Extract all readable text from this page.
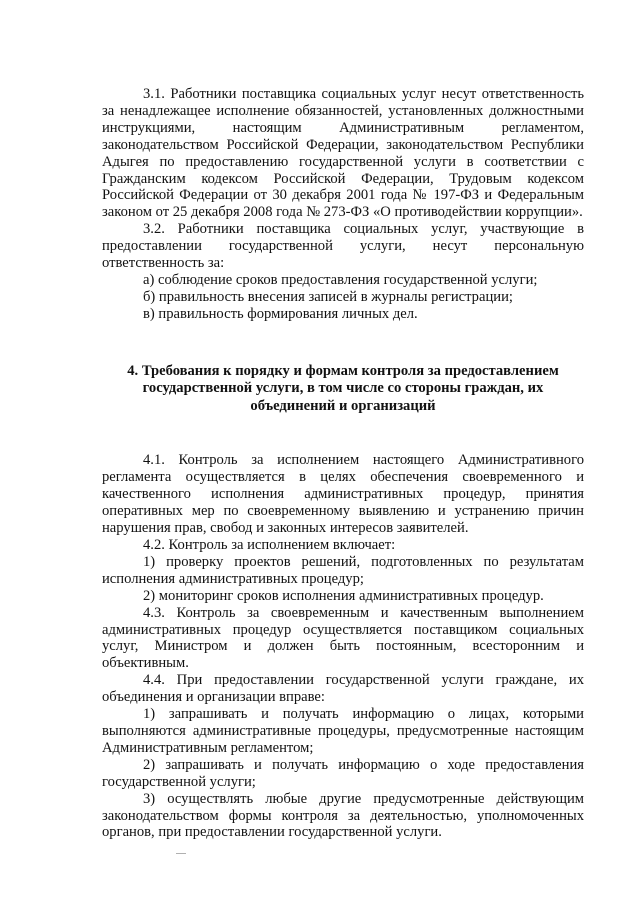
3.1. Работники поставщика социальных услуг несут ответственность за ненадлежащее исполнение обязанностей, установленных должностными инструкциями, настоящим Административным регламентом, законодательством Российской Федерации, законодательством Республики Адыгея по предоставлению государственной услуги в соответствии с Гражданским кодексом Российской Федерации, Трудовым кодексом Российской Федерации от 30 декабря 2001 года № 197-ФЗ и Федеральным законом от 25 декабря 2008 года № 273-ФЗ «О противодействии коррупции».

3.2. Работники поставщика социальных услуг, участвующие в предоставлении государственной услуги, несут персональную ответственность за:

а) соблюдение сроков предоставления государственной услуги;

б) правильность внесения записей в журналы регистрации;

в) правильность формирования личных дел.

4. Требования к порядку и формам контроля за предоставлением

государственной услуги, в том числе со стороны граждан, их

объединений и организаций

4.1. Контроль за исполнением настоящего Административного регламента осуществляется в целях обеспечения своевременного и качественного исполнения административных процедур, принятия оперативных мер по своевременному выявлению и устранению причин нарушения прав, свобод и законных интересов заявителей.

4.2. Контроль за исполнением включает:

1) проверку проектов решений, подготовленных по результатам исполнения административных процедур;

2) мониторинг сроков исполнения административных процедур.

4.3. Контроль за своевременным и качественным выполнением административных процедур осуществляется поставщиком социальных услуг, Министром и должен быть постоянным, всесторонним и объективным.

4.4. При предоставлении государственной услуги граждане, их объединения и организации вправе:

1) запрашивать и получать информацию о лицах, которыми выполняются административные процедуры, предусмотренные настоящим Административным регламентом;

2) запрашивать и получать информацию о ходе предоставления государственной услуги;

3) осуществлять любые другие предусмотренные действующим законодательством формы контроля за деятельностью, уполномоченных органов, при предоставлении государственной услуги.
